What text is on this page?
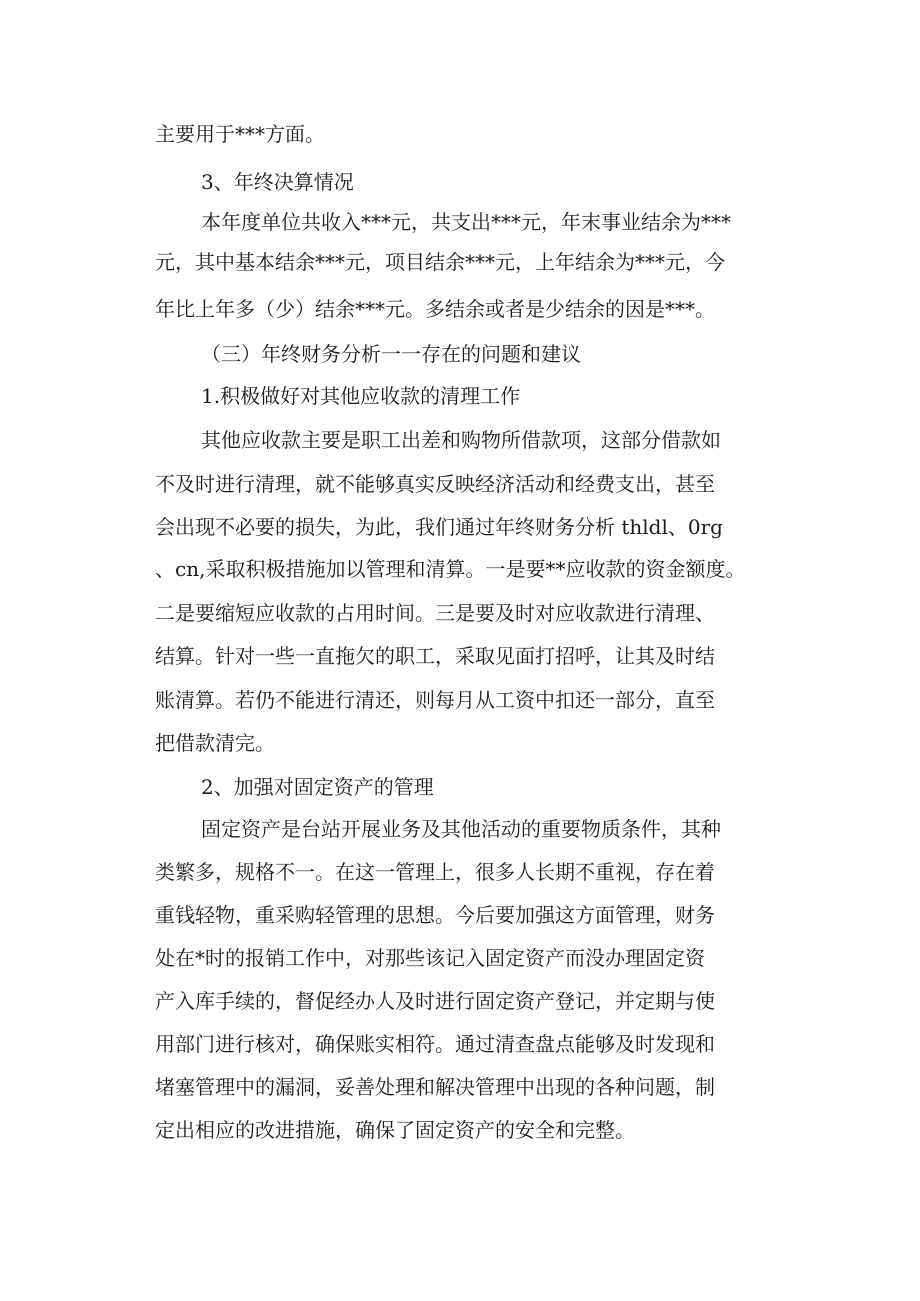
主要用于***方面。
3、年终决算情况
本年度单位共收入***元，共支出***元，年末事业结余为***
元，其中基本结余***元，项目结余***元，上年结余为***元，今
年比上年多（少）结余***元。多结余或者是少结余的因是***。
（三）年终财务分析一一存在的问题和建议
1.积极做好对其他应收款的清理工作
其他应收款主要是职工出差和购物所借款项，这部分借款如
不及时进行清理，就不能够真实反映经济活动和经费支出，甚至
会出现不必要的损失，为此，我们通过年终财务分析 thldl、0rg
、cn,采取积极措施加以管理和清算。一是要**应收款的资金额度。
二是要缩短应收款的占用时间。三是要及时对应收款进行清理、
结算。针对一些一直拖欠的职工，采取见面打招呼，让其及时结
账清算。若仍不能进行清还，则每月从工资中扣还一部分，直至
把借款清完。
2、加强对固定资产的管理
固定资产是台站开展业务及其他活动的重要物质条件，其种
类繁多，规格不一。在这一管理上，很多人长期不重视，存在着
重钱轻物，重采购轻管理的思想。今后要加强这方面管理，财务
处在*时的报销工作中，对那些该记入固定资产而没办理固定资
产入库手续的，督促经办人及时进行固定资产登记，并定期与使
用部门进行核对，确保账实相符。通过清查盘点能够及时发现和
堵塞管理中的漏洞，妥善处理和解决管理中出现的各种问题，制
定出相应的改进措施，确保了固定资产的安全和完整。
